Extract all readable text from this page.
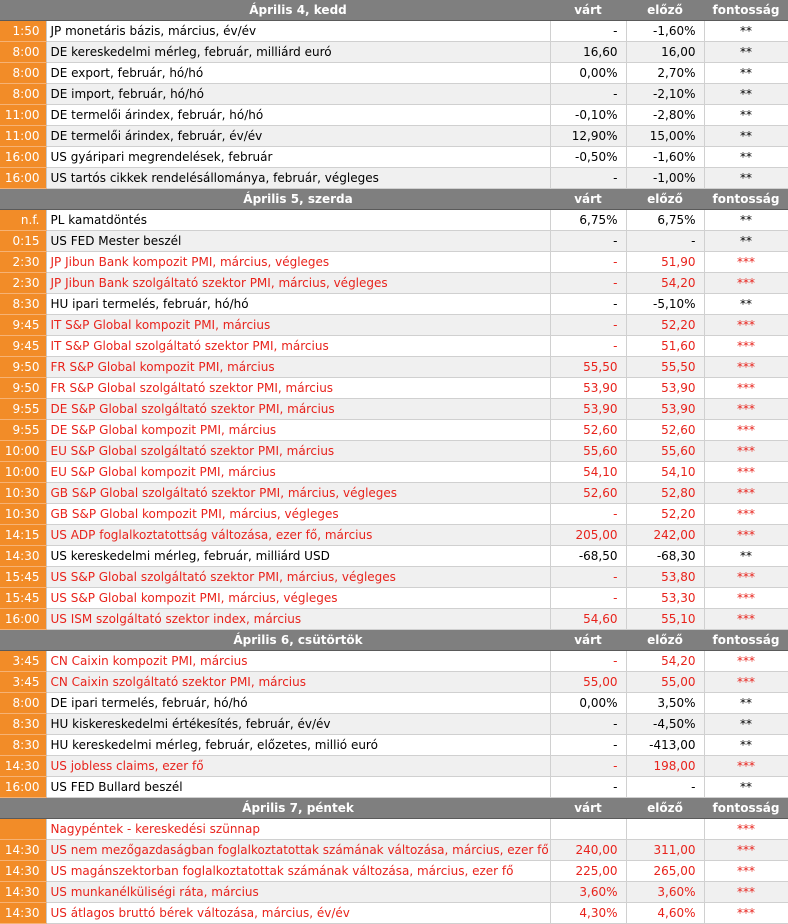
	Április 4, kedd	várt	előző	fontosság
1:50	JP monetáris bázis, március, év/év	-	-1,60%	**
8:00	DE kereskedelmi mérleg, február, milliárd euró	16,60	16,00	**
8:00	DE export, február, hó/hó	0,00%	2,70%	**
8:00	DE import, február, hó/hó	-	-2,10%	**
11:00	DE termelői árindex, február, hó/hó	-0,10%	-2,80%	**
11:00	DE termelői árindex, február, év/év	12,90%	15,00%	**
16:00	US gyáripari megrendelések, február	-0,50%	-1,60%	**
16:00	US tartós cikkek rendelésállománya, február, végleges	-	-1,00%	**
	Április 5, szerda	várt	előző	fontosság
n.f.	PL kamatdöntés	6,75%	6,75%	**
0:15	US FED Mester beszél	-	-	**
2:30	JP Jibun Bank kompozit PMI, március, végleges	-	51,90	***
2:30	JP Jibun Bank szolgáltató szektor PMI, március, végleges	-	54,20	***
8:30	HU ipari termelés, február, hó/hó	-	-5,10%	**
9:45	IT S&P Global kompozit PMI, március	-	52,20	***
9:45	IT S&P Global szolgáltató szektor PMI, március	-	51,60	***
9:50	FR S&P Global kompozit PMI, március	55,50	55,50	***
9:50	FR S&P Global szolgáltató szektor PMI, március	53,90	53,90	***
9:55	DE S&P Global szolgáltató szektor PMI, március	53,90	53,90	***
9:55	DE S&P Global kompozit PMI, március	52,60	52,60	***
10:00	EU S&P Global szolgáltató szektor PMI, március	55,60	55,60	***
10:00	EU S&P Global kompozit PMI, március	54,10	54,10	***
10:30	GB S&P Global szolgáltató szektor PMI, március, végleges	52,60	52,80	***
10:30	GB S&P Global kompozit PMI, március, végleges	-	52,20	***
14:15	US ADP foglalkoztatottság változása, ezer fő, március	205,00	242,00	***
14:30	US kereskedelmi mérleg, február, milliárd USD	-68,50	-68,30	**
15:45	US S&P Global szolgáltató szektor PMI, március, végleges	-	53,80	***
15:45	US S&P Global kompozit PMI, március, végleges	-	53,30	***
16:00	US ISM szolgáltató szektor index, március	54,60	55,10	***
	Április 6, csütörtök	várt	előző	fontosság
3:45	CN Caixin kompozit PMI, március	-	54,20	***
3:45	CN Caixin szolgáltató szektor PMI, március	55,00	55,00	***
8:00	DE ipari termelés, február, hó/hó	0,00%	3,50%	**
8:30	HU kiskereskedelmi értékesítés, február, év/év	-	-4,50%	**
8:30	HU kereskedelmi mérleg, február, előzetes, millió euró	-	-413,00	**
14:30	US jobless claims, ezer fő	-	198,00	***
16:00	US FED Bullard beszél	-	-	**
	Április 7, péntek	várt	előző	fontosság
	Nagypéntek - kereskedési szünnap			***
14:30	US nem mezőgazdaságban foglalkoztatottak számának változása, március, ezer fő	240,00	311,00	***
14:30	US magánszektorban foglalkoztatottak számának változása, március, ezer fő	225,00	265,00	***
14:30	US munkanélküliségi ráta, március	3,60%	3,60%	***
14:30	US átlagos bruttó bérek változása, március, év/év	4,30%	4,60%	***
